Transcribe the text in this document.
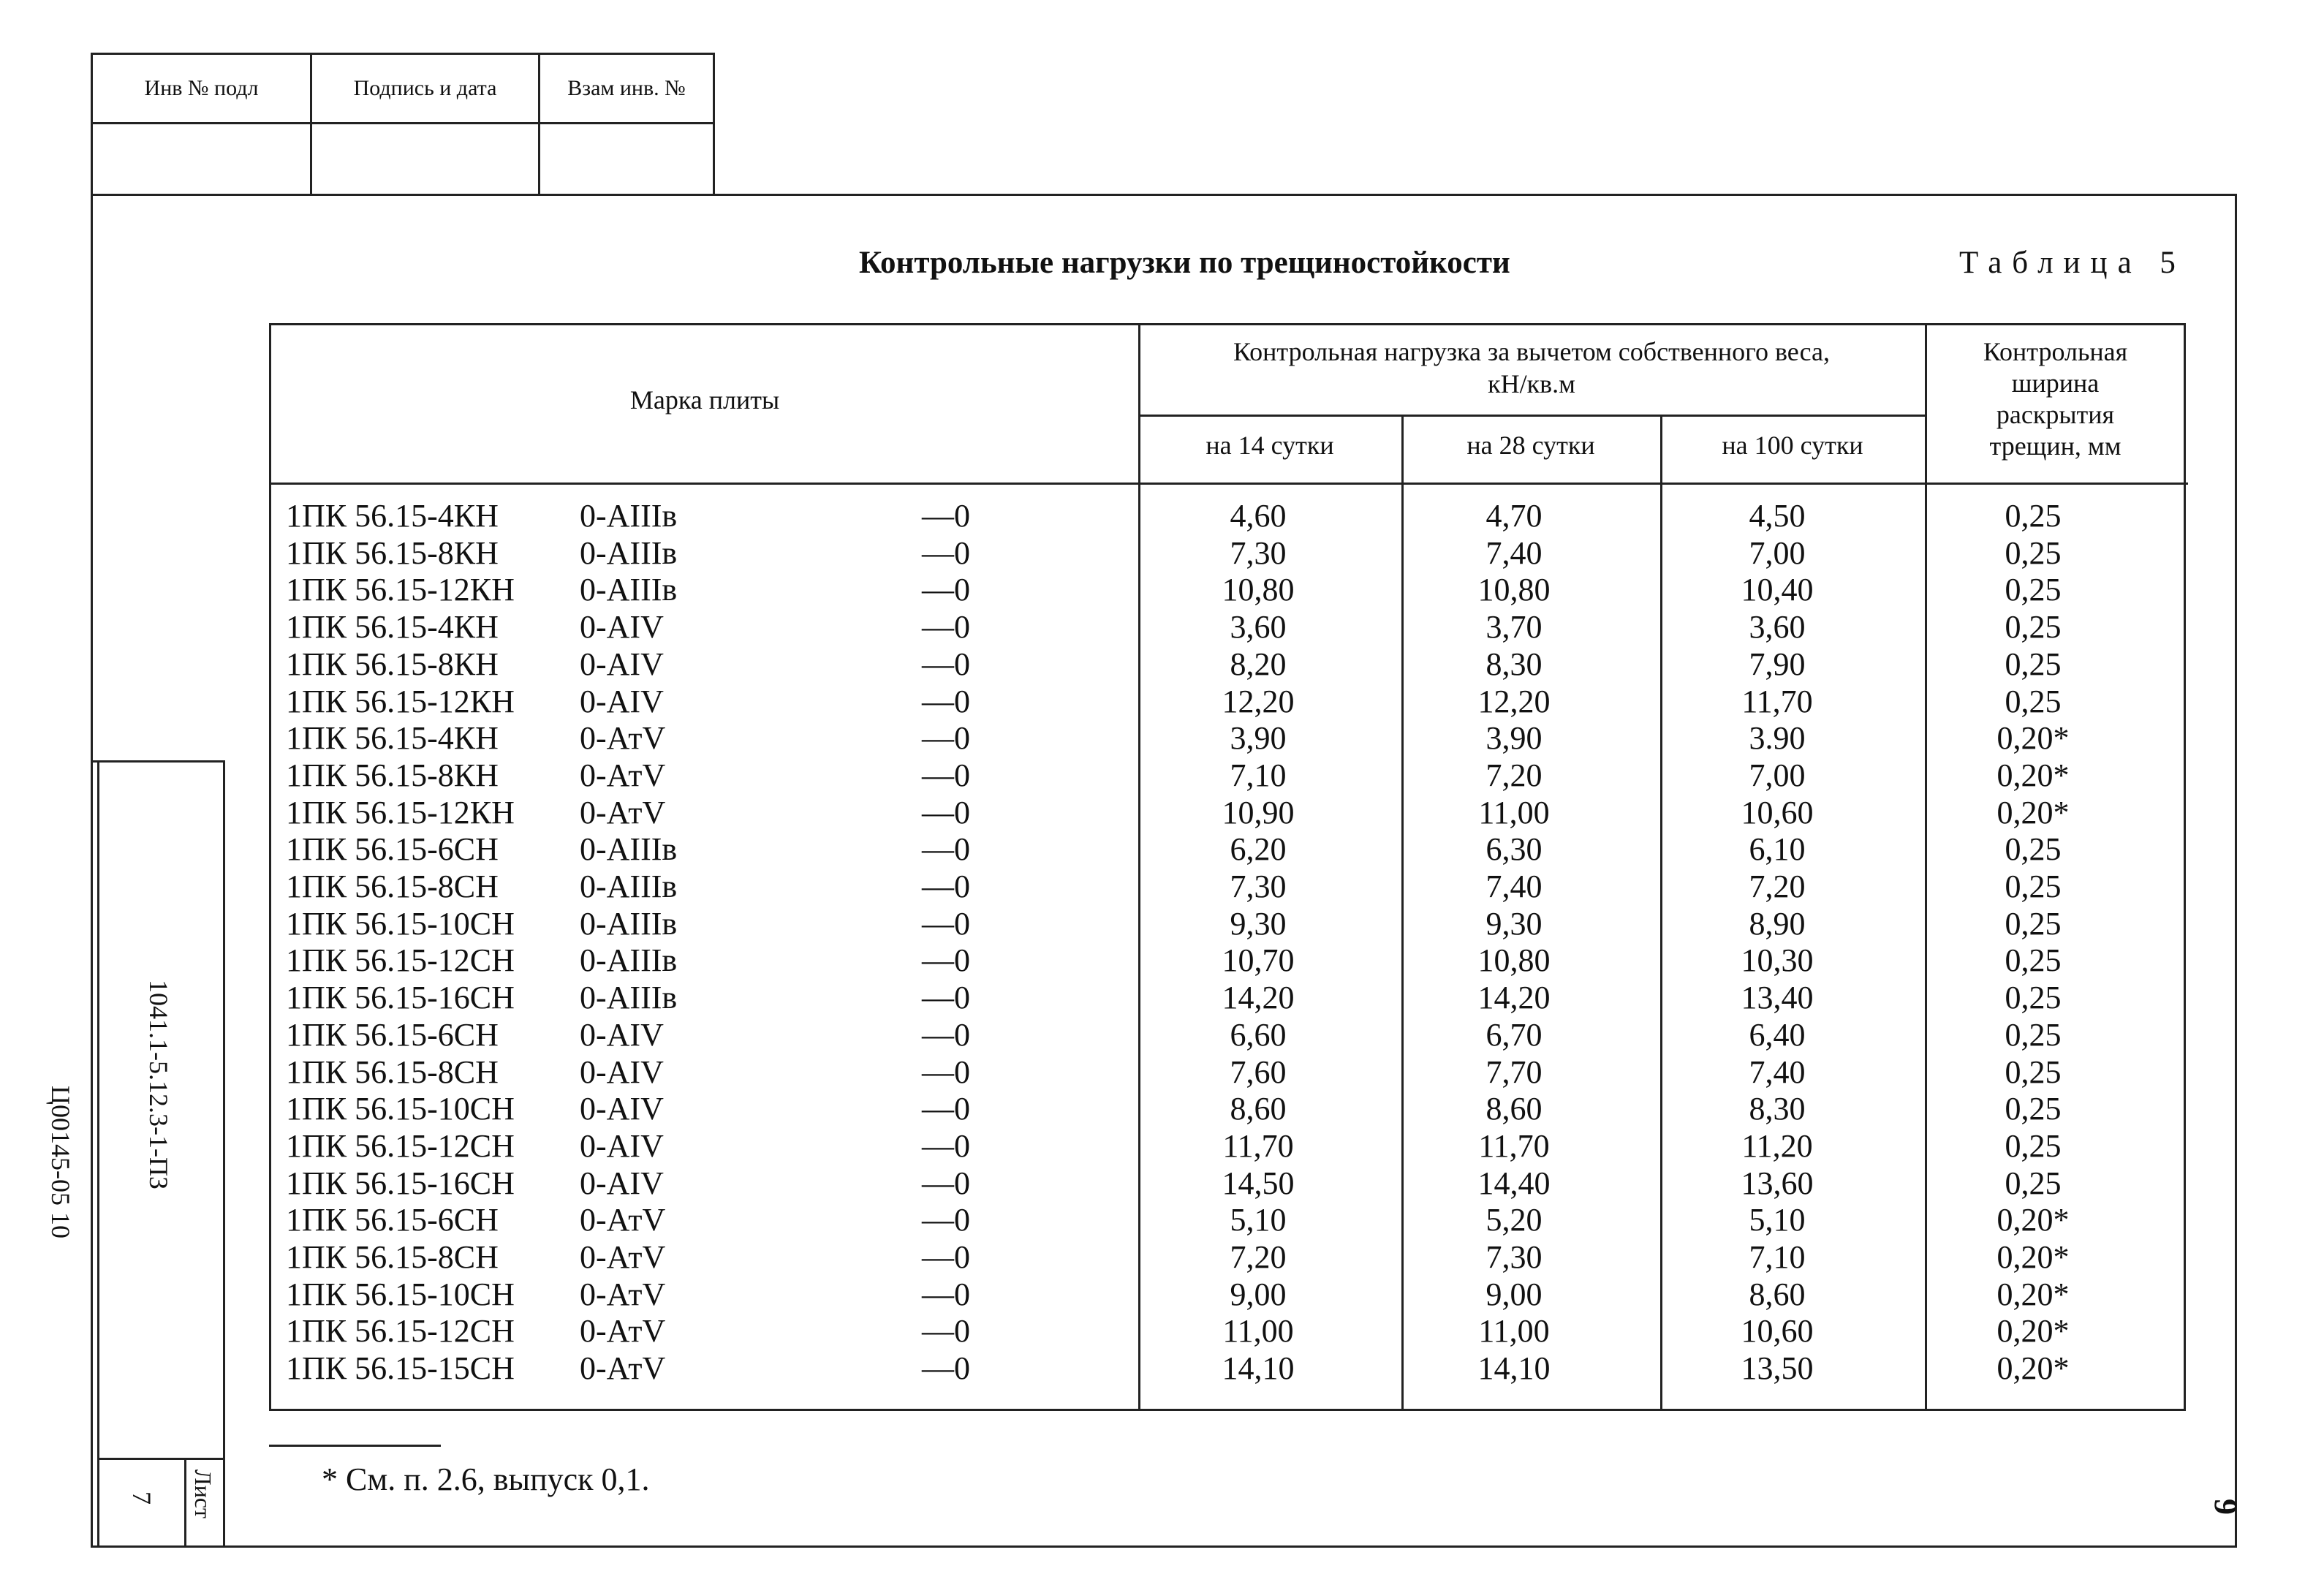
Инв № подл	Подпись и дата	Взам инв. №
1041.1-5.12.3-1-ПЗ
Ц00145-05 10
Лист
7
Контрольные нагрузки по трещиностойкости	Таблица 5
Марка плиты
Контрольная нагрузка за вычетом собственного веса,
кН/кв.м
на 14 сутки	на 28 сутки	на 100 сутки
Контрольная
ширина
раскрытия
трещин, мм
1ПК 56.15-4КН	0-АIIIв	—0	4,60	4,70	4,50	0,25
1ПК 56.15-8КН	0-АIIIв	—0	7,30	7,40	7,00	0,25
1ПК 56.15-12КН 0-АIIIв	—0	10,80	10,80	10,40	0,25
1ПК 56.15-4КН	0-АIV	—0	3,60	3,70	3,60	0,25
1ПК 56.15-8КН	0-АIV	—0	8,20	8,30	7,90	0,25
1ПК 56.15-12КН 0-АIV	—0	12,20	12,20	11,70	0,25
1ПК 56.15-4КН	0-АтV	—0	3,90	3,90	3.90	0,20*
1ПК 56.15-8КН	0-АтV	—0	7,10	7,20	7,00	0,20*
1ПК 56.15-12КН 0-АтV	—0	10,90	11,00	10,60	0,20*
1ПК 56.15-6СН	0-АIIIв	—0	6,20	6,30	6,10	0,25
1ПК 56.15-8СН	0-АIIIв	—0	7,30	7,40	7,20	0,25
1ПК 56.15-10СН 0-АIIIв	—0	9,30	9,30	8,90	0,25
1ПК 56.15-12СН 0-АIIIв	—0	10,70	10,80	10,30	0,25
1ПК 56.15-16СН 0-АIIIв	—0	14,20	14,20	13,40	0,25
1ПК 56.15-6СН	0-АIV	—0	6,60	6,70	6,40	0,25
1ПК 56.15-8СН	0-АIV	—0	7,60	7,70	7,40	0,25
1ПК 56.15-10СН 0-АIV	—0	8,60	8,60	8,30	0,25
1ПК 56.15-12СН 0-АIV	—0	11,70	11,70	11,20	0,25
1ПК 56.15-16СН 0-АIV	—0	14,50	14,40	13,60	0,25
1ПК 56.15-6СН	0-АтV	—0	5,10	5,20	5,10	0,20*
1ПК 56.15-8СН	0-АтV	—0	7,20	7,30	7,10	0,20*
1ПК 56.15-10СН 0-АтV	—0	9,00	9,00	8,60	0,20*
1ПК 56.15-12СН 0-АтV	—0	11,00	11,00	10,60	0,20*
1ПК 56.15-15СН 0-АтV	—0	14,10	14,10	13,50	0,20*
* См. п. 2.6, выпуск 0,1.
9
